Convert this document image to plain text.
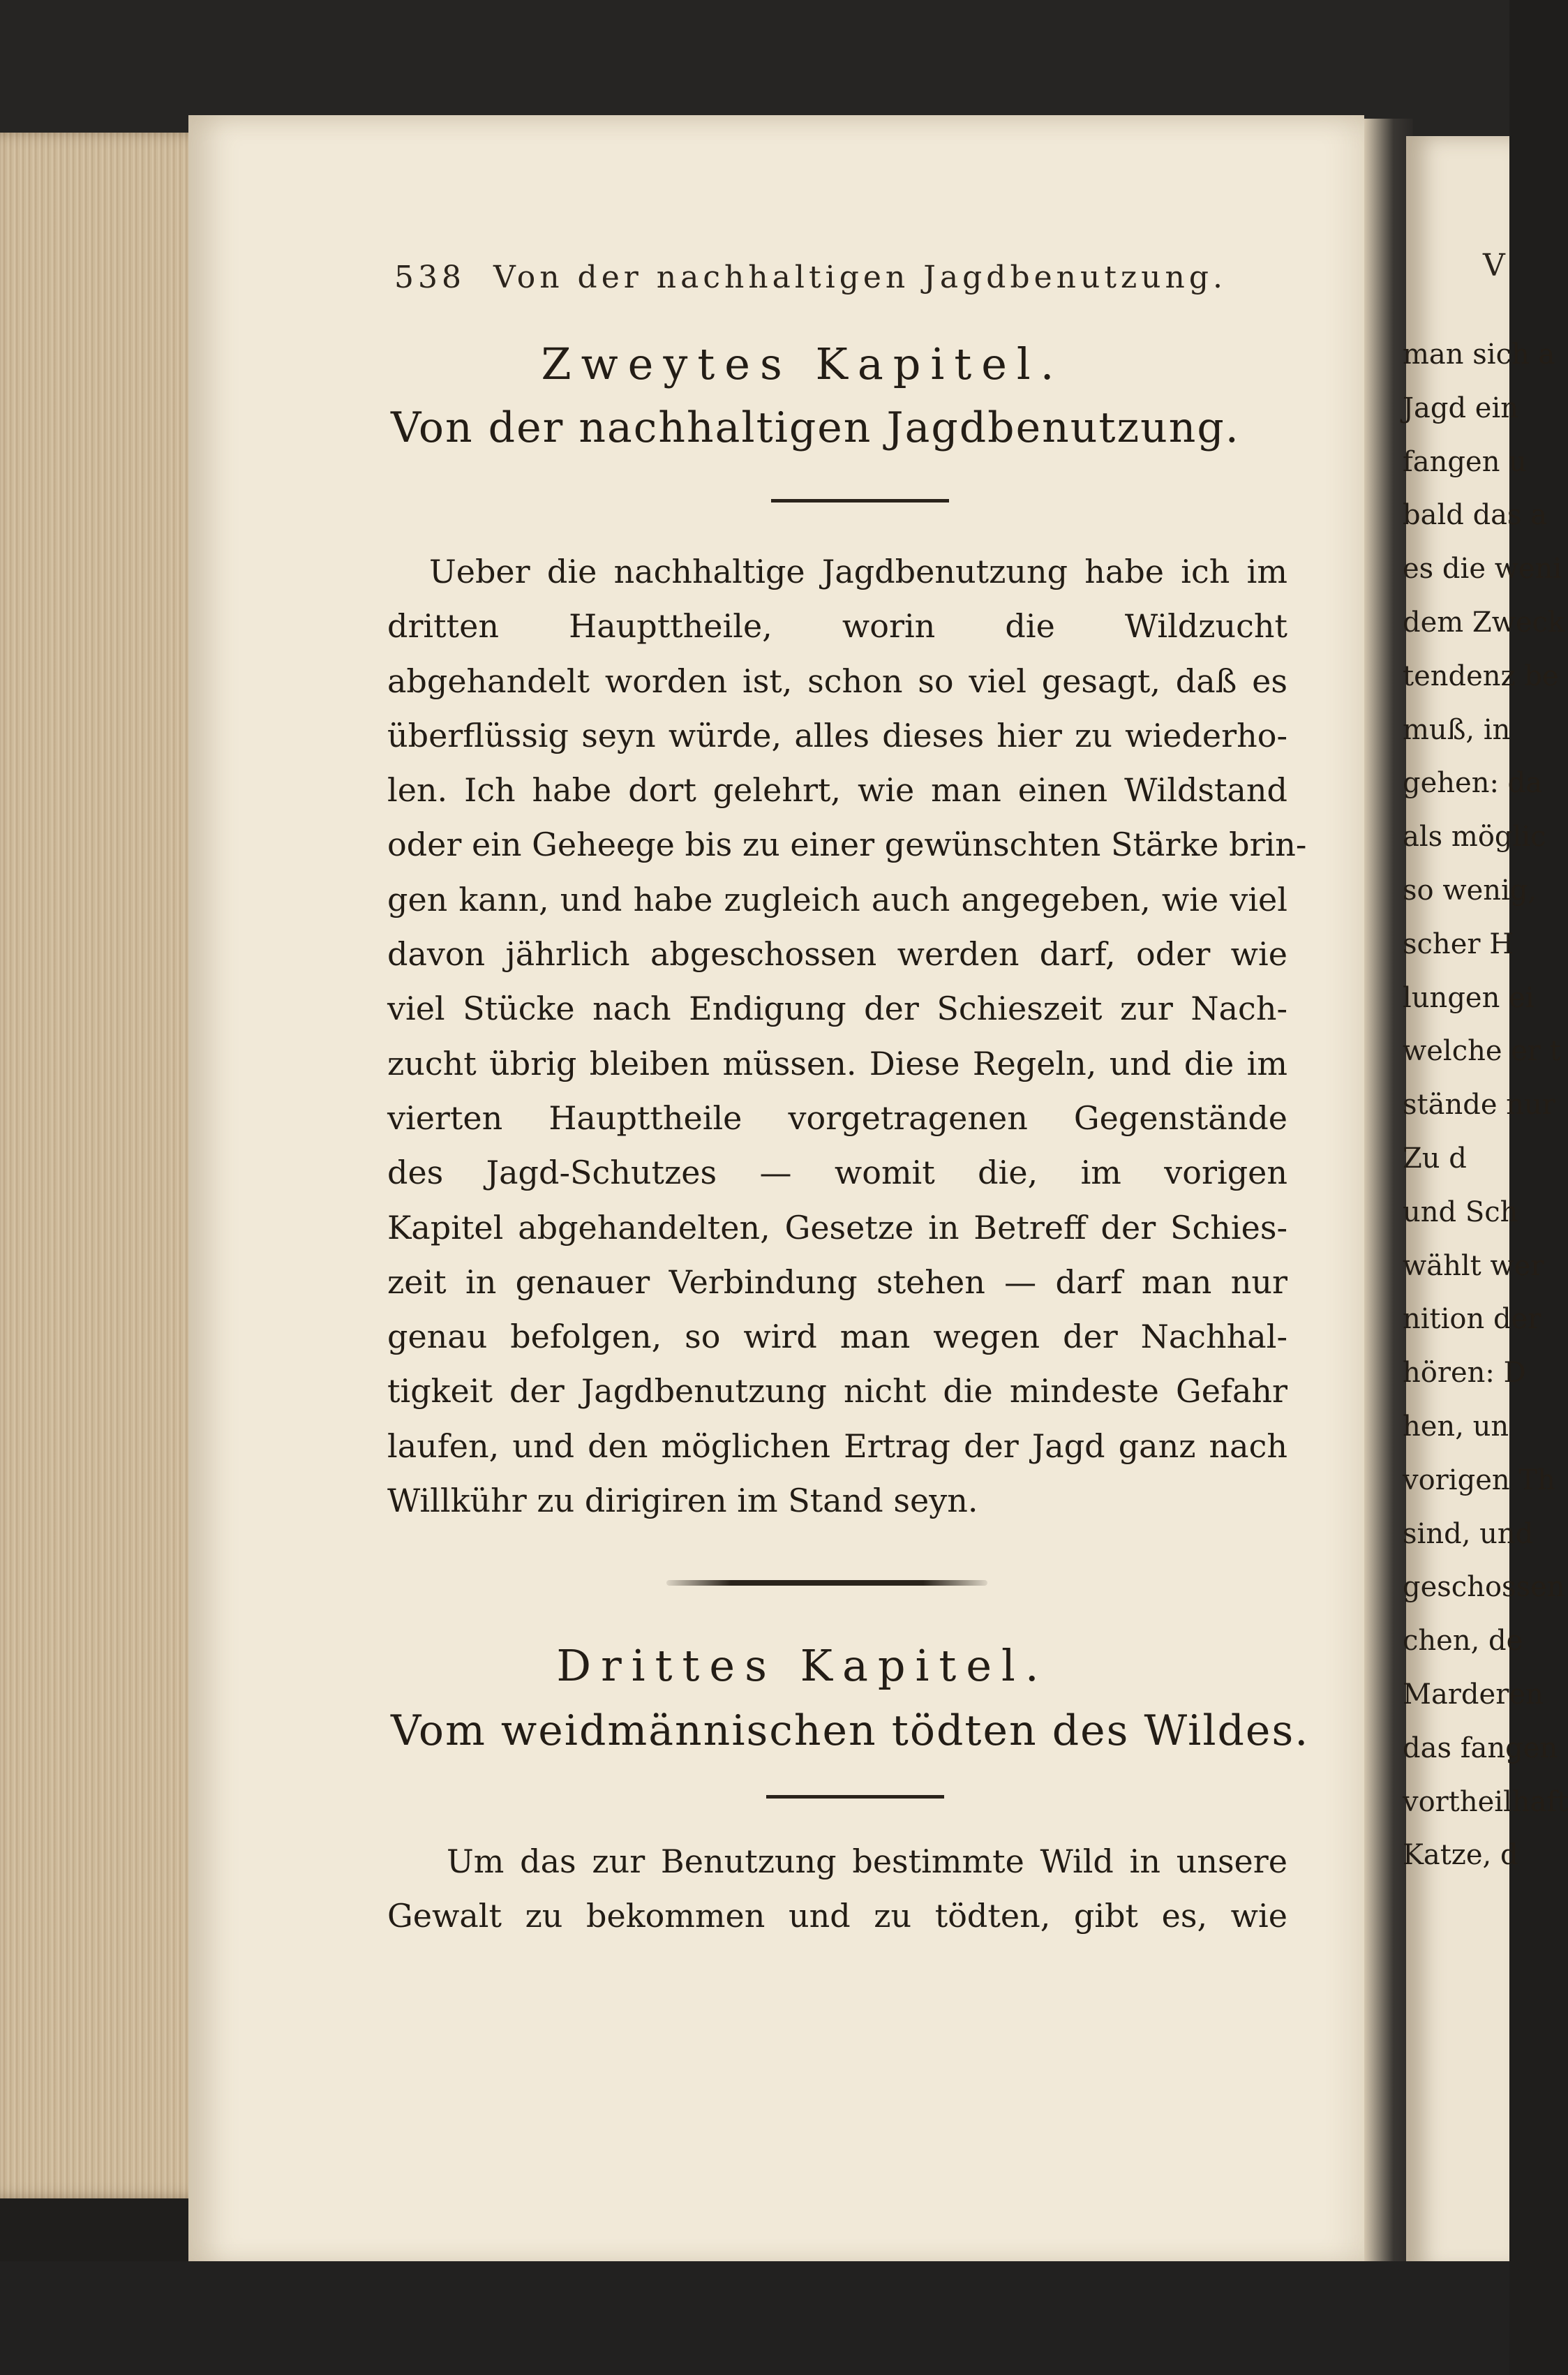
538 Von der nachhaltigen Jagdbenutzung.
Zweytes Kapitel.
Von der nachhaltigen Jagdbenutzung.
Ueber die nachhaltige Jagdbenutzung habe ich im
dritten Haupttheile, worin die Wildzucht
abgehandelt worden ist, schon so viel gesagt, daß es
überflüssig seyn würde, alles dieses hier zu wiederho-
len. Ich habe dort gelehrt, wie man einen Wildstand
oder ein Geheege bis zu einer gewünschten Stärke brin-
gen kann, und habe zugleich auch angegeben, wie viel
davon jährlich abgeschossen werden darf, oder wie
viel Stücke nach Endigung der Schieszeit zur Nach-
zucht übrig bleiben müssen. Diese Regeln, und die im
vierten Haupttheile vorgetragenen Gegenstände
des Jagd-Schutzes — womit die, im vorigen
Kapitel abgehandelten, Gesetze in Betreff der Schies-
zeit in genauer Verbindung stehen — darf man nur
genau befolgen, so wird man wegen der Nachhal-
tigkeit der Jagdbenutzung nicht die mindeste Gefahr
laufen, und den möglichen Ertrag der Jagd ganz nach
Willkühr zu dirigiren im Stand seyn.
Drittes Kapitel.
Vom weidmännischen tödten des Wildes.
Um das zur Benutzung bestimmte Wild in unsere
Gewalt zu bekommen und zu tödten, gibt es, wie
V
man sich a
Jagd ein
fangen u
bald das a
es die weni
dem Zweck
tendenz be
muß, in
gehen: da
als möglic
so wenig,
scher H
lungen ei
welche er t
stände nur
Zu d
und Sch
wählt wer
nition der
hören: D
hen, un
vorigen Th
sind, und
geschossen
chen, de
Marderen
das fangen
vortheilhaft
Katze, d
